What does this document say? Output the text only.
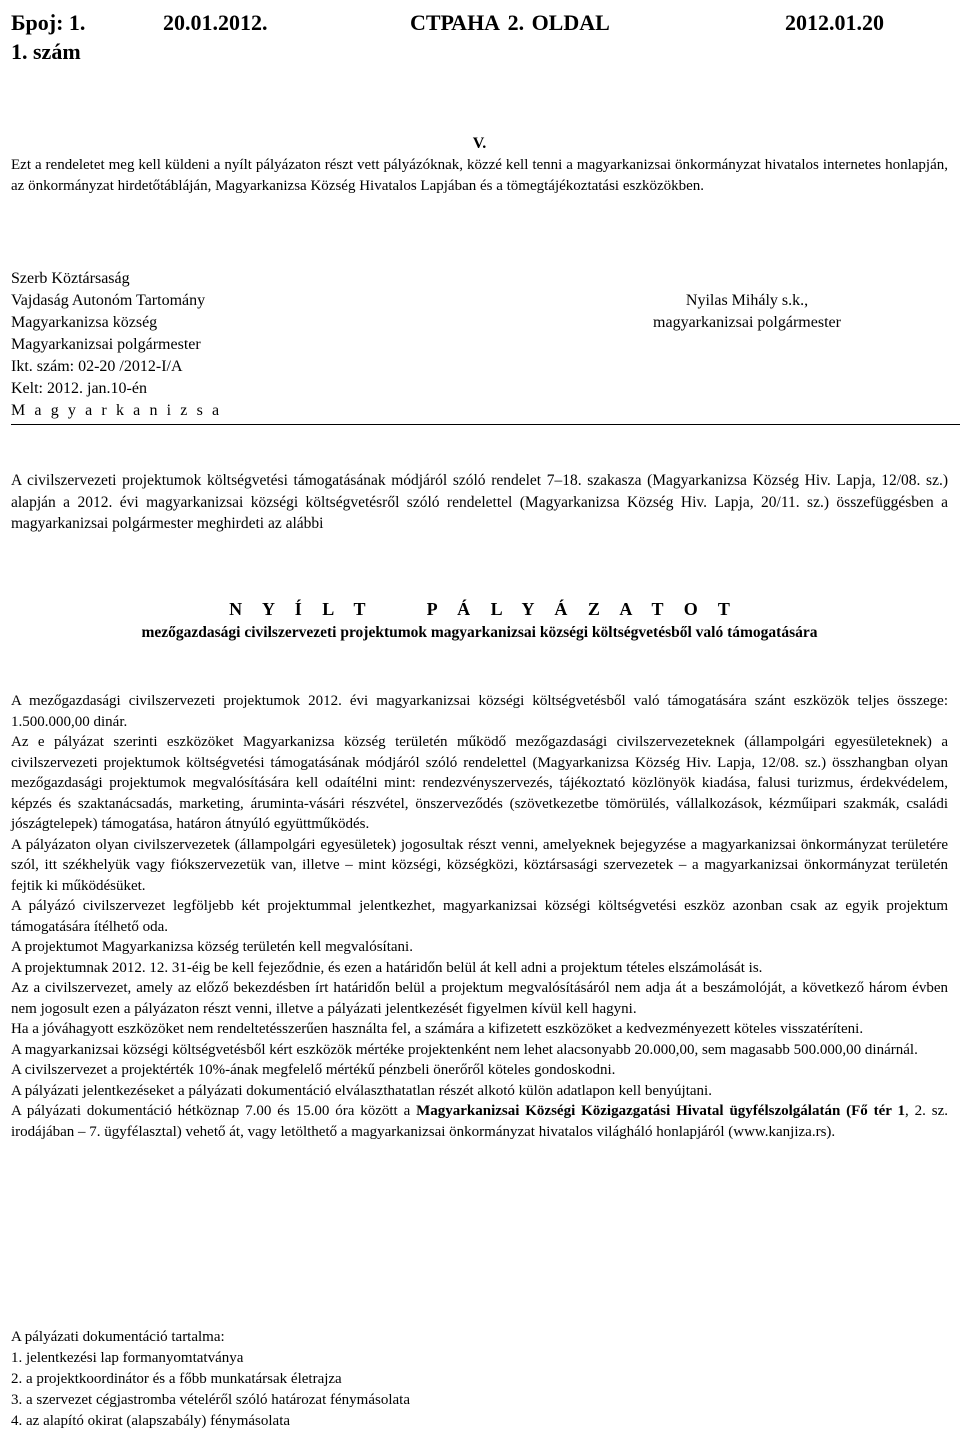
Број: 1.
1. szám
20.01.2012.	СТРАНА 2. OLDAL	2012.01.20
V.
Ezt a rendeletet meg kell küldeni a nyílt pályázaton részt vett pályázóknak, közzé kell tenni a magyarkanizsai önkormányzat hivatalos internetes honlapján, az önkormányzat hirdetőtábláján, Magyarkanizsa Község Hivatalos Lapjában és a tömegtájékoztatási eszközökben.
Szerb Köztársaság
Vajdaság Autonóm Tartomány
Magyarkanizsa község
Magyarkanizsai polgármester
Ikt. szám: 02-20 /2012-I/A
Kelt: 2012. jan.10-én
M a g y a r k a n i z s a
Nyilas Mihály s.k.,
magyarkanizsai polgármester
A civilszervezeti projektumok költségvetési támogatásának módjáról szóló rendelet 7–18. szakasza (Magyarkanizsa Község Hiv. Lapja, 12/08. sz.) alapján a 2012. évi magyarkanizsai községi költségvetésről szóló rendelettel (Magyarkanizsa Község Hiv. Lapja, 20/11. sz.) összefüggésben a magyarkanizsai polgármester meghirdeti az alábbi
N Y Í L T   P Á L Y Á Z A T O T
mezőgazdasági civilszervezeti projektumok magyarkanizsai községi költségvetésből való támogatására

A mezőgazdasági civilszervezeti projektumok 2012. évi magyarkanizsai községi költségvetésből való támogatására szánt eszközök teljes összege: 1.500.000,00 dinár.

Az e pályázat szerinti eszközöket Magyarkanizsa község területén működő mezőgazdasági civilszervezeteknek (állampolgári egyesületeknek) a civilszervezeti projektumok költségvetési támogatásának módjáról szóló rendelettel (Magyarkanizsa Község Hiv. Lapja, 12/08. sz.) összhangban olyan mezőgazdasági projektumok megvalósítására kell odaítélni mint: rendezvényszervezés, tájékoztató közlönyök kiadása, falusi turizmus, érdekvédelem, képzés és szaktanácsadás, marketing, áruminta-vásári részvétel, önszerveződés (szövetkezetbe tömörülés, vállalkozások, kézműipari szakmák, családi jószágtelepek) támogatása, határon átnyúló együttműködés.

A pályázaton olyan civilszervezetek (állampolgári egyesületek) jogosultak részt venni, amelyeknek bejegyzése a magyarkanizsai önkormányzat területére szól, itt székhelyük vagy fiókszervezetük van, illetve – mint községi, községközi, köztársasági szervezetek – a magyarkanizsai önkormányzat területén fejtik ki működésüket.

A pályázó civilszervezet legföljebb két projektummal jelentkezhet, magyarkanizsai községi költségvetési eszköz azonban csak az egyik projektum támogatására ítélhető oda.

A projektumot Magyarkanizsa község területén kell megvalósítani.

A projektumnak 2012. 12. 31-éig be kell fejeződnie, és ezen a határidőn belül át kell adni a projektum tételes elszámolását is.

Az a civilszervezet, amely az előző bekezdésben írt határidőn belül a projektum megvalósításáról nem adja át a beszámolóját, a következő három évben nem jogosult ezen a pályázaton részt venni, illetve a pályázati jelentkezését figyelmen kívül kell hagyni.

Ha a jóváhagyott eszközöket nem rendeltetésszerűen használta fel, a számára a kifizetett eszközöket a kedvezményezett köteles visszatéríteni.

A magyarkanizsai községi költségvetésből kért eszközök mértéke projektenként nem lehet alacsonyabb 20.000,00, sem magasabb 500.000,00 dinárnál.

A civilszervezet a projektérték 10%-ának megfelelő mértékű pénzbeli önerőről köteles gondoskodni.

A pályázati jelentkezéseket a pályázati dokumentáció elválaszthatatlan részét alkotó külön adatlapon kell benyújtani.

A pályázati dokumentáció hétköznap 7.00 és 15.00 óra között a Magyarkanizsai Községi Közigazgatási Hivatal ügyfélszolgálatán (Fő tér 1, 2. sz. irodájában – 7. ügyfélasztal) vehető át, vagy letölthető a magyarkanizsai önkormányzat hivatalos világháló honlapjáról (www.kanjiza.rs).

A pályázati dokumentáció tartalma:
1. jelentkezési lap formanyomtatványa
2. a projektkoordinátor és a főbb munkatársak életrajza
3. a szervezet cégjastromba vételéről szóló határozat fénymásolata
4. az alapító okirat (alapszabály) fénymásolata
